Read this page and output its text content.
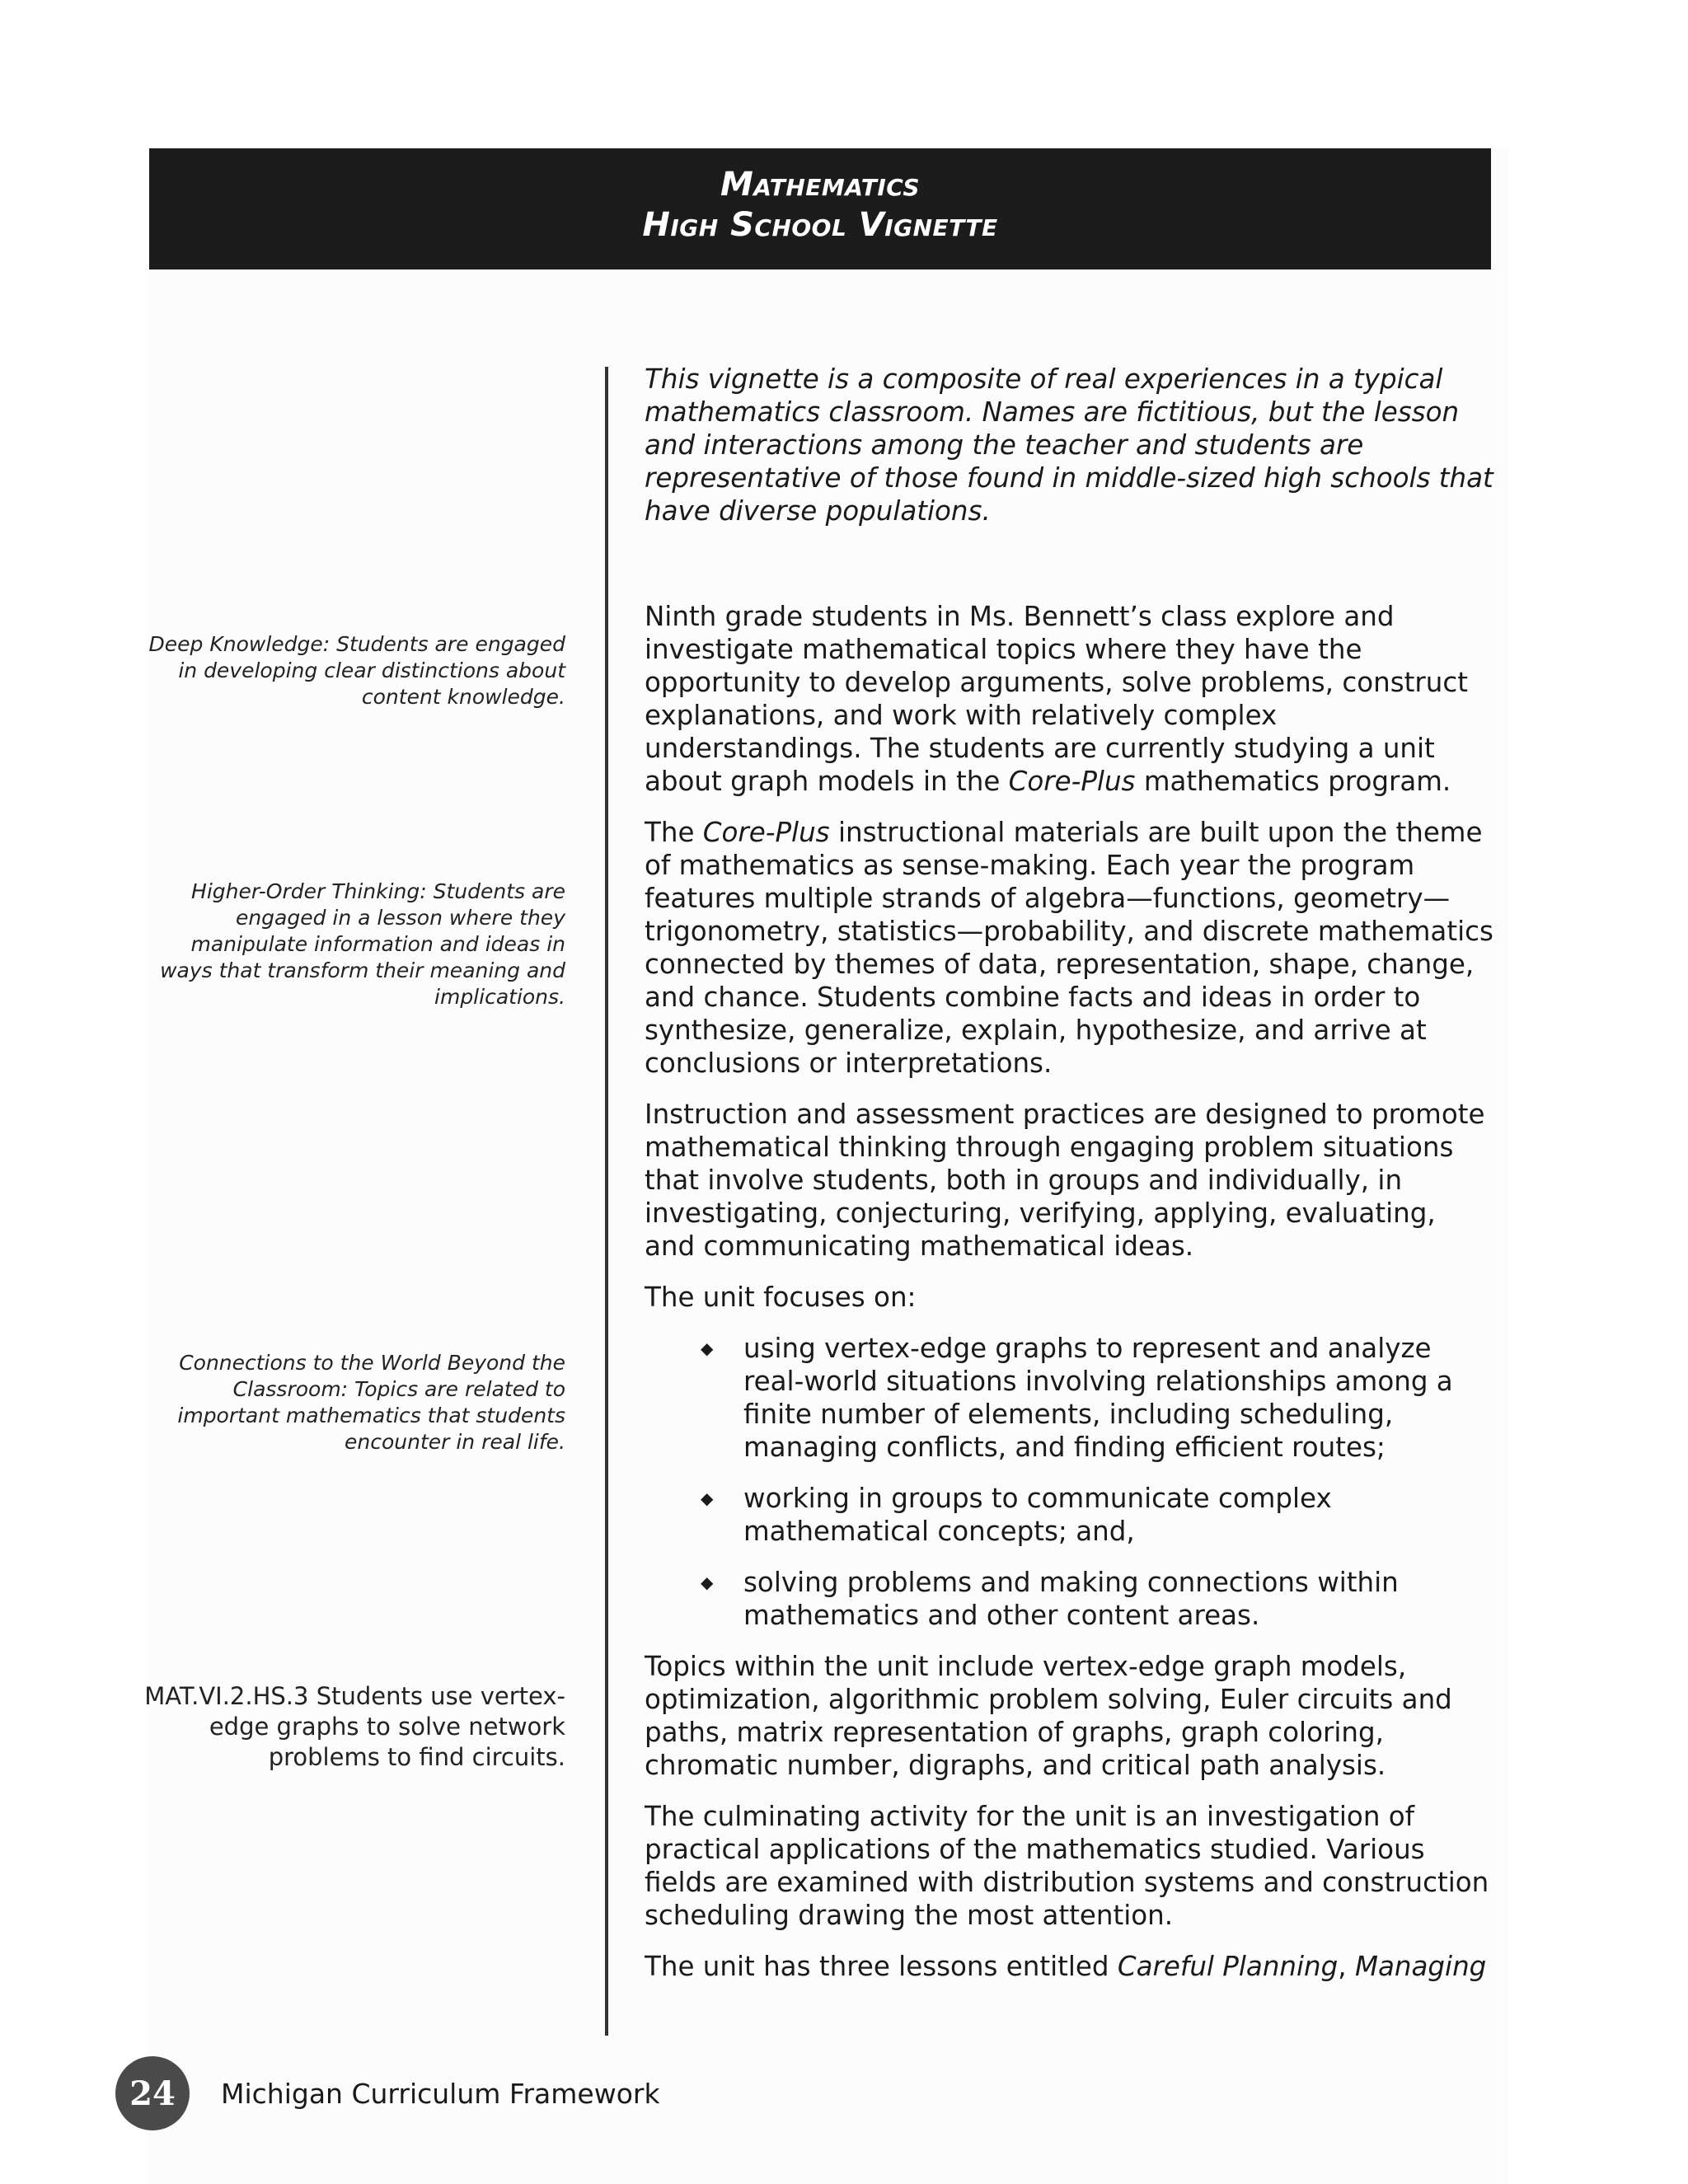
Mathematics
High School Vignette
Deep Knowledge: Students are engaged in developing clear distinctions about content knowledge.
Higher-Order Thinking: Students are engaged in a lesson where they manipulate information and ideas in ways that transform their meaning and implications.
Connections to the World Beyond the Classroom: Topics are related to important mathematics that students encounter in real life.
MAT.VI.2.HS.3 Students use vertex-edge graphs to solve network problems to find circuits.

This vignette is a composite of real experiences in a typical mathematics classroom. Names are fictitious, but the lesson and interactions among the teacher and students are representative of those found in middle-sized high schools that have diverse populations.

Ninth grade students in Ms. Bennett’s class explore and investigate mathematical topics where they have the opportunity to develop arguments, solve problems, construct explanations, and work with relatively complex understandings. The students are currently studying a unit about graph models in the Core-Plus mathematics program.

The Core-Plus instructional materials are built upon the theme of mathematics as sense-making. Each year the program features multiple strands of algebra—functions, geometry—trigonometry, statistics—probability, and discrete mathematics connected by themes of data, representation, shape, change, and chance. Students combine facts and ideas in order to synthesize, generalize, explain, hypothesize, and arrive at conclusions or interpretations.

Instruction and assessment practices are designed to promote mathematical thinking through engaging problem situations that involve students, both in groups and individually, in investigating, conjecturing, verifying, applying, evaluating, and communicating mathematical ideas.

The unit focuses on:

◆ using vertex-edge graphs to represent and analyze real-world situations involving relationships among a finite number of elements, including scheduling, managing conflicts, and finding efficient routes;
◆ working in groups to communicate complex mathematical concepts; and,
◆ solving problems and making connections within mathematics and other content areas.

Topics within the unit include vertex-edge graph models, optimization, algorithmic problem solving, Euler circuits and paths, matrix representation of graphs, graph coloring, chromatic number, digraphs, and critical path analysis.

The culminating activity for the unit is an investigation of practical applications of the mathematics studied. Various fields are examined with distribution systems and construction scheduling drawing the most attention.

The unit has three lessons entitled Careful Planning, Managing

24	Michigan Curriculum Framework
